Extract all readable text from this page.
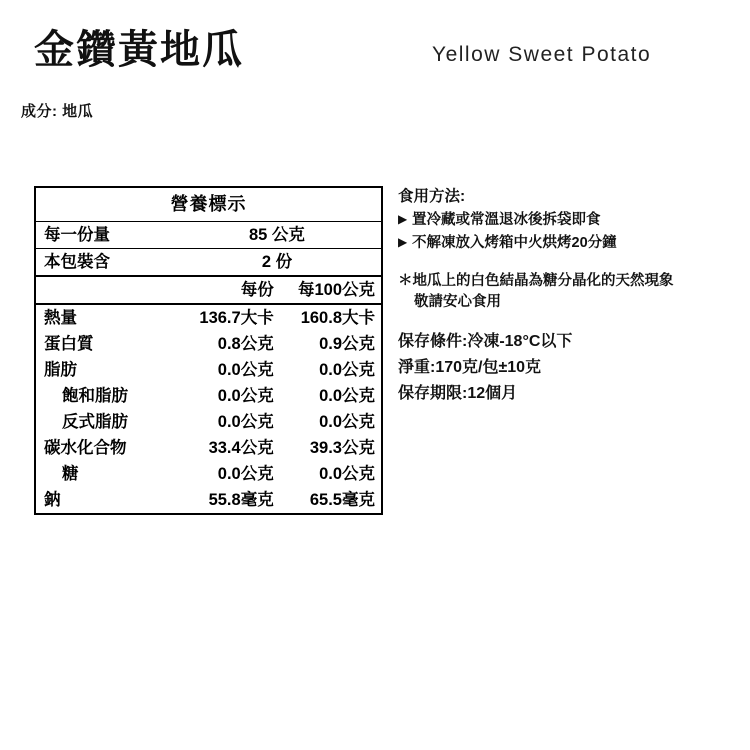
金鑽黃地瓜	Yellow Sweet Potato
成分: 地瓜
營養標示		
每一份量	85 公克	
本包裝含	2 份	
	每份	每100公克
熱量	136.7大卡	160.8大卡
蛋白質	0.8公克	0.9公克
脂肪	0.0公克	0.0公克
飽和脂肪	0.0公克	0.0公克
反式脂肪	0.0公克	0.0公克
碳水化合物	33.4公克	39.3公克
糖	0.0公克	0.0公克
鈉	55.8毫克	65.5毫克
食用方法:
▶ 置冷藏或常溫退冰後拆袋即食
▶ 不解凍放入烤箱中火烘烤20分鐘
＊地瓜上的白色結晶為糖分晶化的天然現象
敬請安心食用
保存條件:冷凍-18°C以下
淨重:170克/包±10克
保存期限:12個月
